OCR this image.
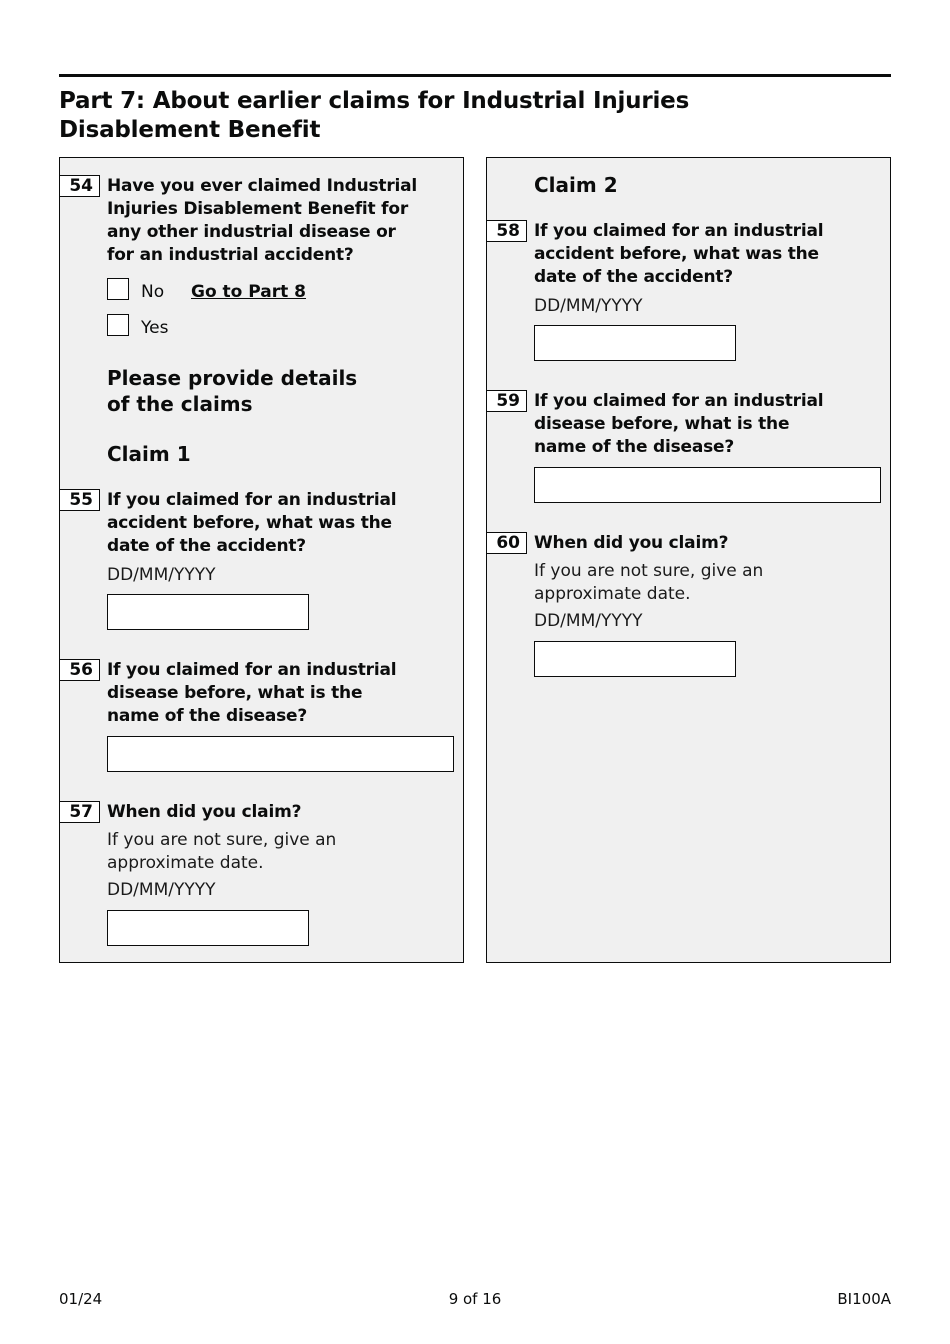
Part 7: About earlier claims for Industrial Injuries Disablement Benefit
54 Have you ever claimed Industrial Injuries Disablement Benefit for any other industrial disease or for an industrial accident?
No Go to Part 8
Yes
Please provide details of the claims
Claim 1
55 If you claimed for an industrial accident before, what was the date of the accident?
DD/MM/YYYY
56 If you claimed for an industrial disease before, what is the name of the disease?
57 When did you claim?
If you are not sure, give an approximate date.
DD/MM/YYYY
Claim 2
58 If you claimed for an industrial accident before, what was the date of the accident?
DD/MM/YYYY
59 If you claimed for an industrial disease before, what is the name of the disease?
60 When did you claim?
If you are not sure, give an approximate date.
DD/MM/YYYY
01/24	9 of 16	BI100A
